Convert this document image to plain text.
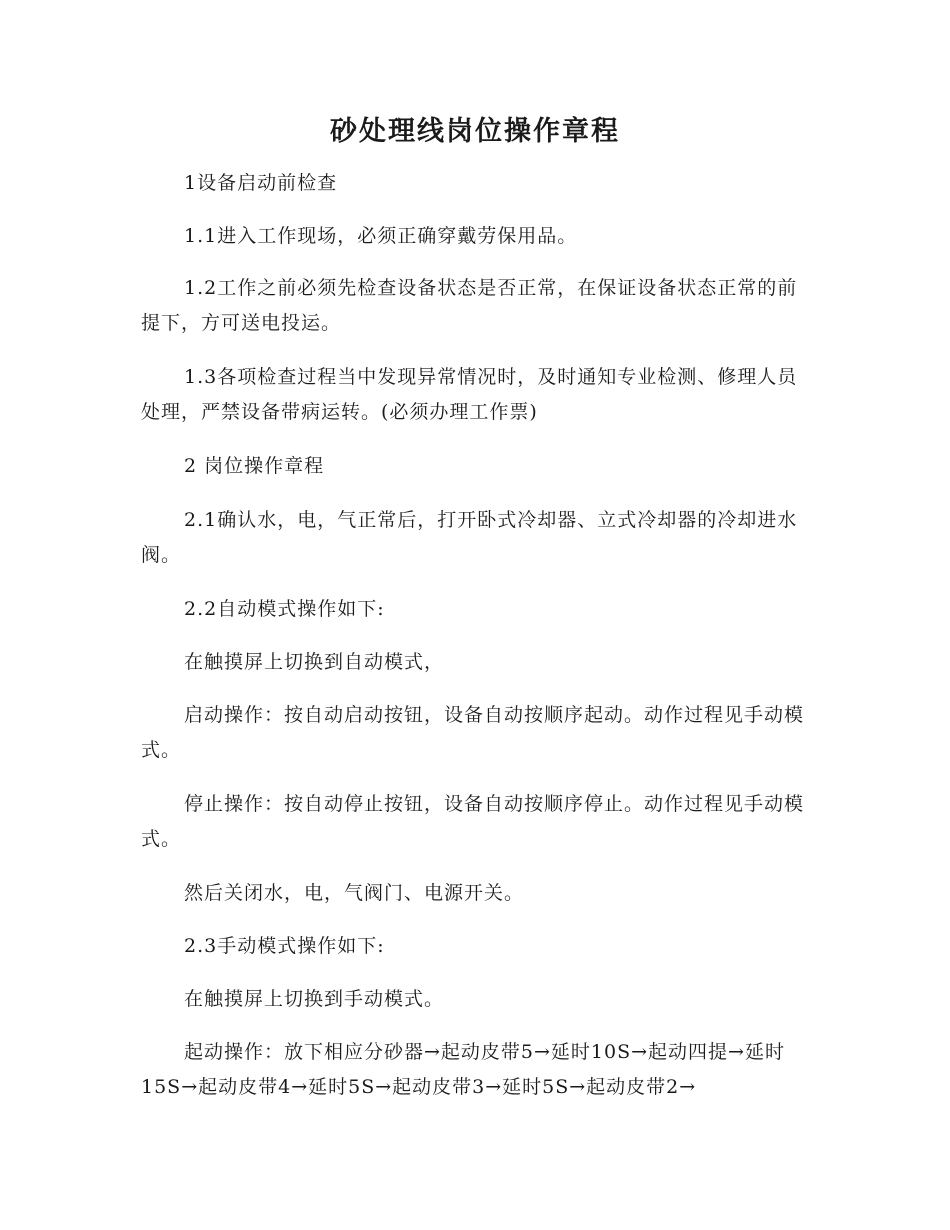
砂处理线岗位操作章程

1设备启动前检查

1.1进入工作现场，必须正确穿戴劳保用品。

1.2工作之前必须先检查设备状态是否正常，在保证设备状态正常的前提下，方可送电投运。

1.3各项检查过程当中发现异常情况时，及时通知专业检测、修理人员处理，严禁设备带病运转。(必须办理工作票)

2 岗位操作章程

2.1确认水，电，气正常后，打开卧式冷却器、立式冷却器的冷却进水阀。

2.2自动模式操作如下:

在触摸屏上切换到自动模式，

启动操作：按自动启动按钮，设备自动按顺序起动。动作过程见手动模式。

停止操作：按自动停止按钮，设备自动按顺序停止。动作过程见手动模式。

然后关闭水，电，气阀门、电源开关。

2.3手动模式操作如下:

在触摸屏上切换到手动模式。

起动操作：放下相应分砂器→起动皮带5→延时10S→起动四提→延时15S→起动皮带4→延时5S→起动皮带3→延时5S→起动皮带2→
